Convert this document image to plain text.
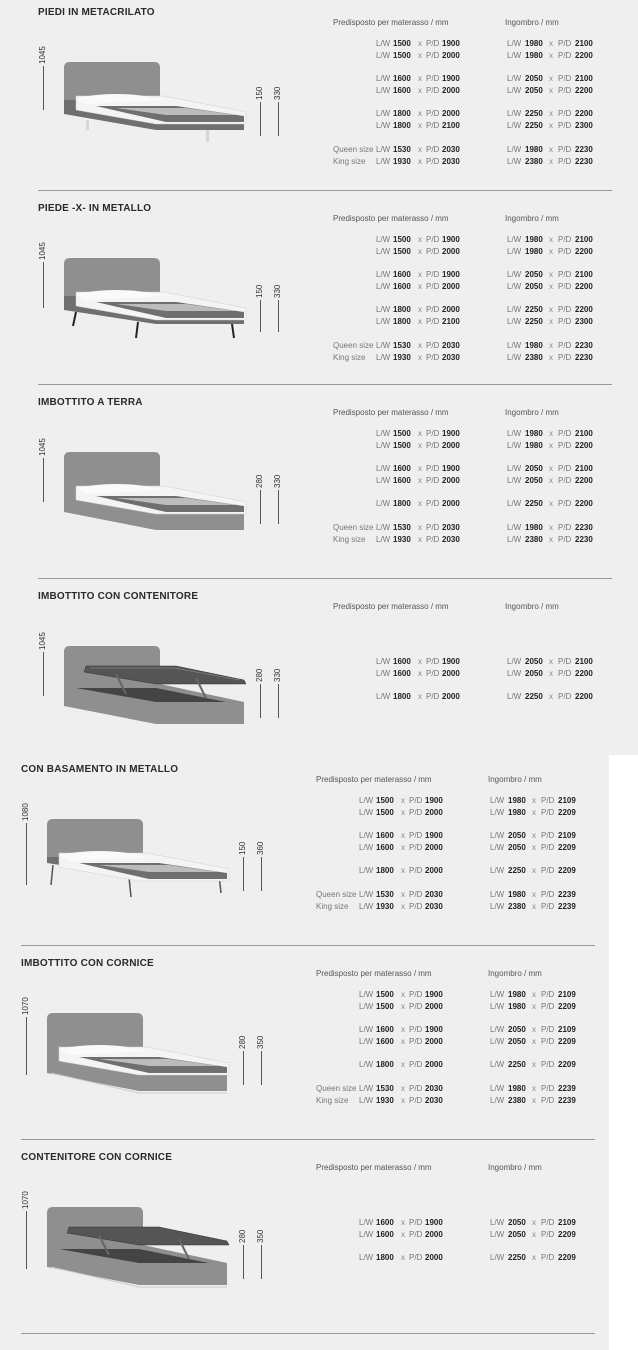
PIEDI IN METACRILATO
Predisposto per materasso / mm	Ingombro / mm
1045
150 330
L/W 1500 x P/D 1900	L/W 1980 x P/D 2100
L/W 1500 x P/D 2000	L/W 1980 x P/D 2200
L/W 1600 x P/D 1900	L/W 2050 x P/D 2100
L/W 1600 x P/D 2000	L/W 2050 x P/D 2200
L/W 1800 x P/D 2000	L/W 2250 x P/D 2200
L/W 1800 x P/D 2100	L/W 2250 x P/D 2300
Queen size L/W 1530 x P/D 2030	L/W 1980 x P/D 2230
King size L/W 1930 x P/D 2030	L/W 2380 x P/D 2230
PIEDE -X- IN METALLO
Predisposto per materasso / mm	Ingombro / mm
1045
150 330
L/W 1500 x P/D 1900	L/W 1980 x P/D 2100
L/W 1500 x P/D 2000	L/W 1980 x P/D 2200
L/W 1600 x P/D 1900	L/W 2050 x P/D 2100
L/W 1600 x P/D 2000	L/W 2050 x P/D 2200
L/W 1800 x P/D 2000	L/W 2250 x P/D 2200
L/W 1800 x P/D 2100	L/W 2250 x P/D 2300
Queen size L/W 1530 x P/D 2030	L/W 1980 x P/D 2230
King size L/W 1930 x P/D 2030	L/W 2380 x P/D 2230
IMBOTTITO A TERRA
Predisposto per materasso / mm	Ingombro / mm
1045
280 330
L/W 1500 x P/D 1900	L/W 1980 x P/D 2100
L/W 1500 x P/D 2000	L/W 1980 x P/D 2200
L/W 1600 x P/D 1900	L/W 2050 x P/D 2100
L/W 1600 x P/D 2000	L/W 2050 x P/D 2200
L/W 1800 x P/D 2000	L/W 2250 x P/D 2200
Queen size L/W 1530 x P/D 2030	L/W 1980 x P/D 2230
King size L/W 1930 x P/D 2030	L/W 2380 x P/D 2230
IMBOTTITO CON CONTENITORE
Predisposto per materasso / mm	Ingombro / mm
1045
280 330
L/W 1600 x P/D 1900	L/W 2050 x P/D 2100
L/W 1600 x P/D 2000	L/W 2050 x P/D 2200
L/W 1800 x P/D 2000	L/W 2250 x P/D 2200
CON BASAMENTO IN METALLO
Predisposto per materasso / mm	Ingombro / mm
1080
150 360
L/W 1500 x P/D 1900	L/W 1980 x P/D 2109
L/W 1500 x P/D 2000	L/W 1980 x P/D 2209
L/W 1600 x P/D 1900	L/W 2050 x P/D 2109
L/W 1600 x P/D 2000	L/W 2050 x P/D 2209
L/W 1800 x P/D 2000	L/W 2250 x P/D 2209
Queen size L/W 1530 x P/D 2030	L/W 1980 x P/D 2239
King size L/W 1930 x P/D 2030	L/W 2380 x P/D 2239
IMBOTTITO CON CORNICE
Predisposto per materasso / mm	Ingombro / mm
1070
280 350
L/W 1500 x P/D 1900	L/W 1980 x P/D 2109
L/W 1500 x P/D 2000	L/W 1980 x P/D 2209
L/W 1600 x P/D 1900	L/W 2050 x P/D 2109
L/W 1600 x P/D 2000	L/W 2050 x P/D 2209
L/W 1800 x P/D 2000	L/W 2250 x P/D 2209
Queen size L/W 1530 x P/D 2030	L/W 1980 x P/D 2239
King size L/W 1930 x P/D 2030	L/W 2380 x P/D 2239
CONTENITORE CON CORNICE
Predisposto per materasso / mm	Ingombro / mm
1070
280 350
L/W 1600 x P/D 1900	L/W 2050 x P/D 2109
L/W 1600 x P/D 2000	L/W 2050 x P/D 2209
L/W 1800 x P/D 2000	L/W 2250 x P/D 2209
